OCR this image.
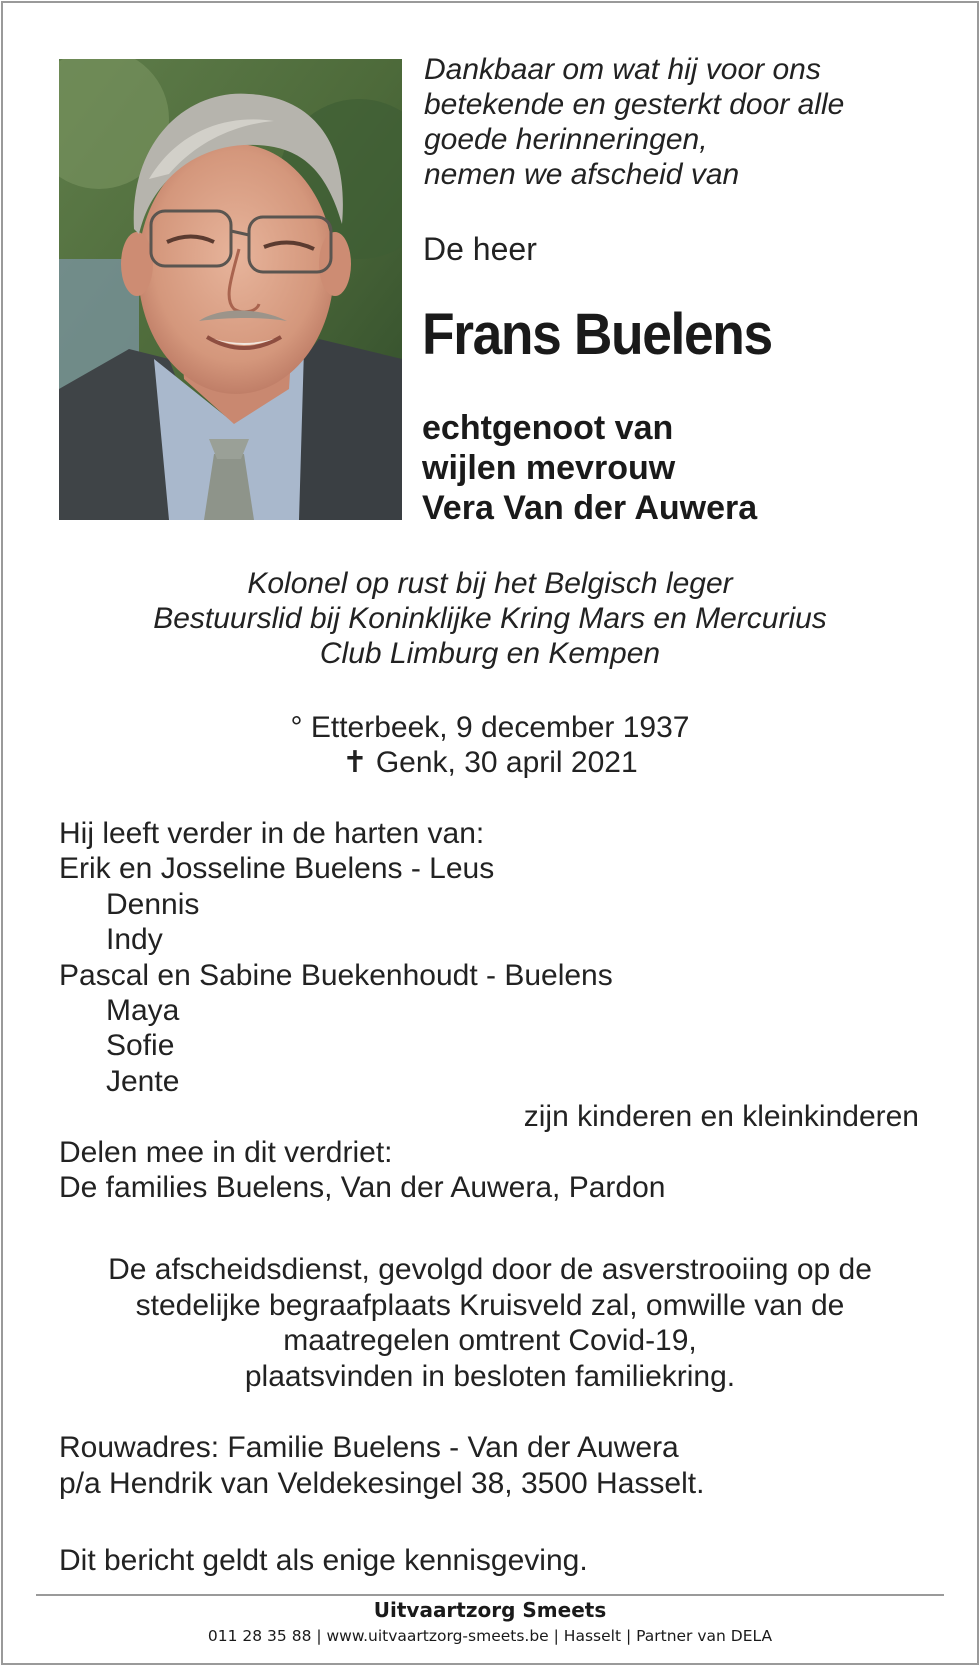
Dankbaar om wat hij voor ons
betekende en gesterkt door alle
goede herinneringen,
nemen we afscheid van
De heer
Frans Buelens
echtgenoot van
wijlen mevrouw
Vera Van der Auwera
Kolonel op rust bij het Belgisch leger
Bestuurslid bij Koninklijke Kring Mars en Mercurius
Club Limburg en Kempen
° Etterbeek, 9 december 1937
✝ Genk, 30 april 2021
Hij leeft verder in de harten van:
Erik en Josseline Buelens - Leus
Dennis
Indy
Pascal en Sabine Buekenhoudt - Buelens
Maya
Sofie
Jente
zijn kinderen en kleinkinderen
Delen mee in dit verdriet:
De families Buelens, Van der Auwera, Pardon
De afscheidsdienst, gevolgd door de asverstrooiing op de
stedelijke begraafplaats Kruisveld zal, omwille van de
maatregelen omtrent Covid-19,
plaatsvinden in besloten familiekring.
Rouwadres: Familie Buelens - Van der Auwera
p/a Hendrik van Veldekesingel 38, 3500 Hasselt.
Dit bericht geldt als enige kennisgeving.
Uitvaartzorg Smeets
011 28 35 88 | www.uitvaartzorg-smeets.be | Hasselt | Partner van DELA
